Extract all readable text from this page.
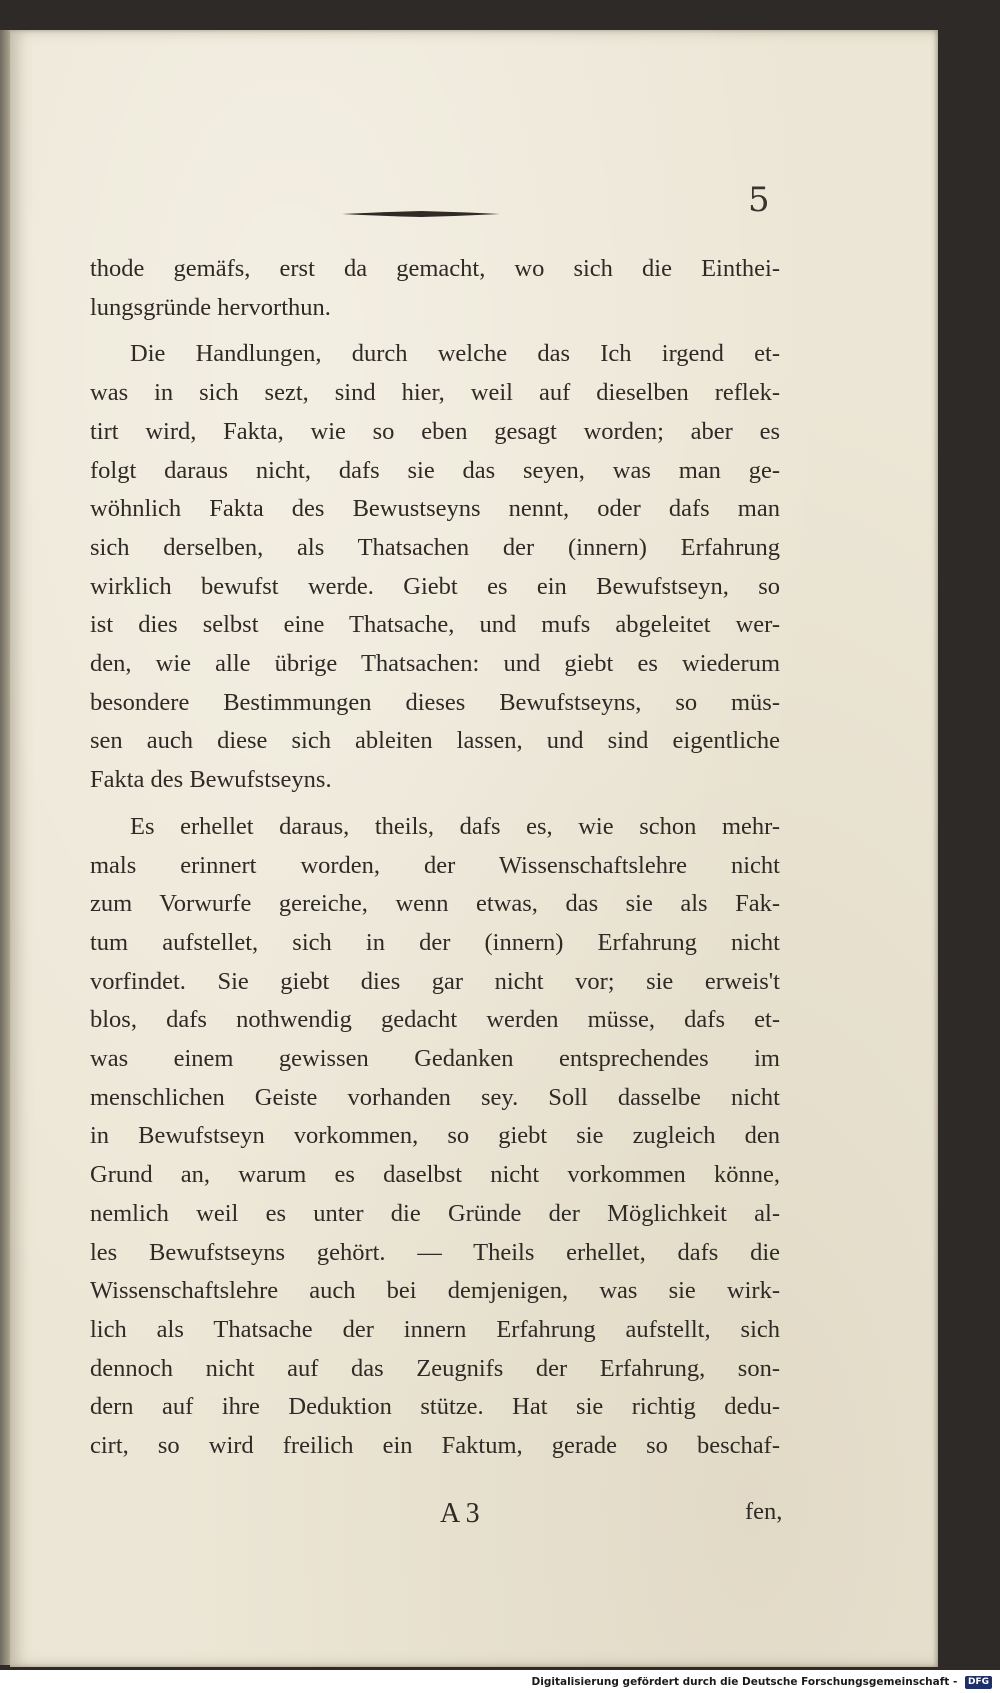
5
thode gemäfs, erst da gemacht, wo sich die Einthei-
lungsgründe hervorthun.
Die Handlungen, durch welche das Ich irgend et-
was in sich sezt, sind hier, weil auf dieselben reflek-
tirt wird, Fakta, wie so eben gesagt worden; aber es
folgt daraus nicht, dafs sie das seyen, was man ge-
wöhnlich Fakta des Bewustseyns nennt, oder dafs man
sich derselben, als Thatsachen der (innern) Erfahrung
wirklich bewufst werde. Giebt es ein Bewufstseyn, so
ist dies selbst eine Thatsache, und mufs abgeleitet wer-
den, wie alle übrige Thatsachen: und giebt es wiederum
besondere Bestimmungen dieses Bewufstseyns, so müs-
sen auch diese sich ableiten lassen, und sind eigentliche
Fakta des Bewufstseyns.
Es erhellet daraus, theils, dafs es, wie schon mehr-
mals erinnert worden, der Wissenschaftslehre nicht
zum Vorwurfe gereiche, wenn etwas, das sie als Fak-
tum aufstellet, sich in der (innern) Erfahrung nicht
vorfindet. Sie giebt dies gar nicht vor; sie erweis't
blos, dafs nothwendig gedacht werden müsse, dafs et-
was einem gewissen Gedanken entsprechendes im
menschlichen Geiste vorhanden sey. Soll dasselbe nicht
in Bewufstseyn vorkommen, so giebt sie zugleich den
Grund an, warum es daselbst nicht vorkommen könne,
nemlich weil es unter die Gründe der Möglichkeit al-
les Bewufstseyns gehört. — Theils erhellet, dafs die
Wissenschaftslehre auch bei demjenigen, was sie wirk-
lich als Thatsache der innern Erfahrung aufstellt, sich
dennoch nicht auf das Zeugnifs der Erfahrung, son-
dern auf ihre Deduktion stütze. Hat sie richtig dedu-
cirt, so wird freilich ein Faktum, gerade so beschaf-
A 3	fen,
Digitalisierung gefördert durch die Deutsche Forschungsgemeinschaft - DFG
